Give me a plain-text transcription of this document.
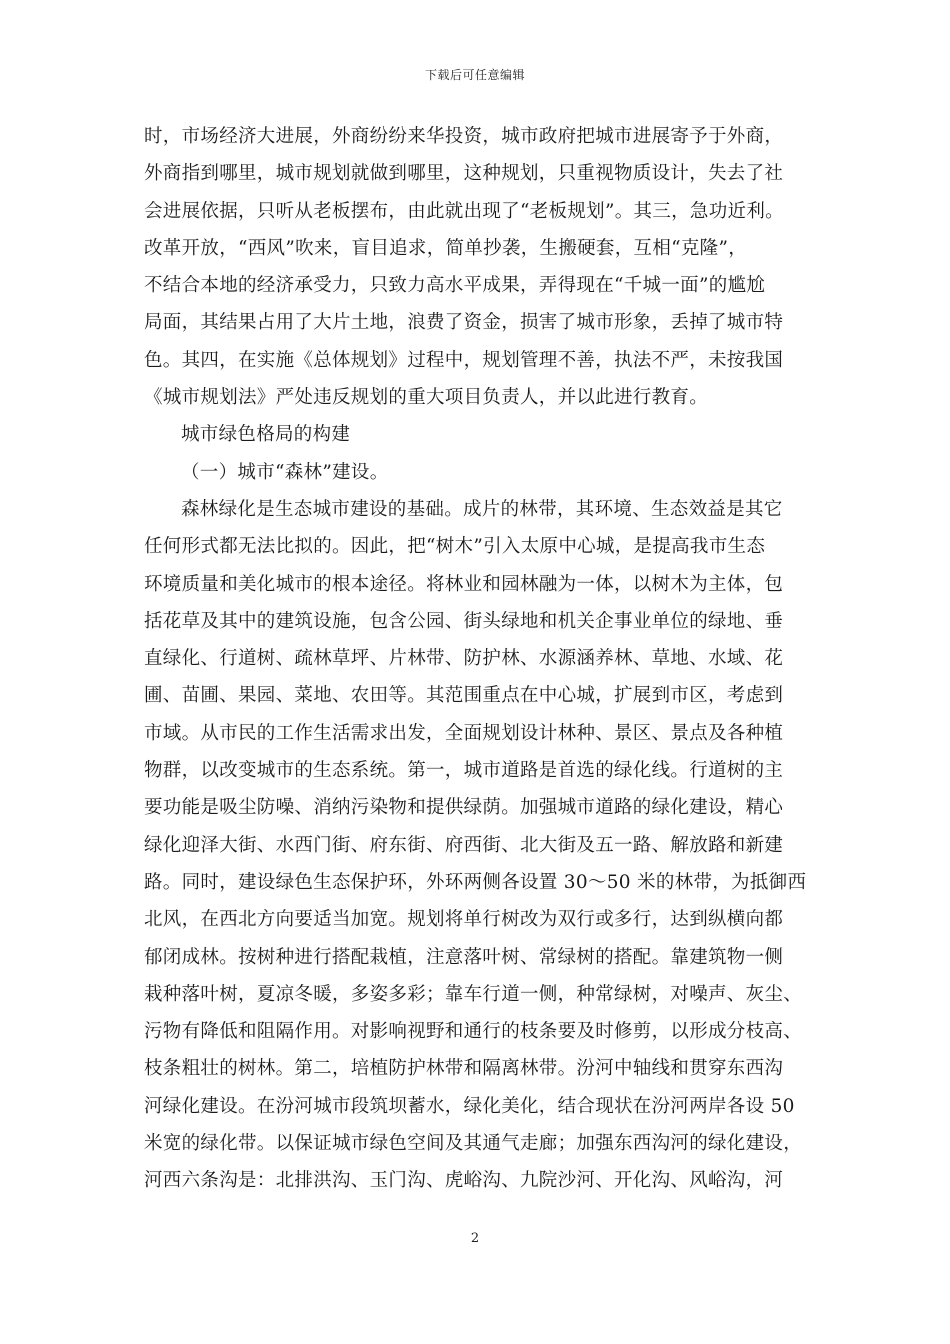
下载后可任意编辑
时，市场经济大进展，外商纷纷来华投资，城市政府把城市进展寄予于外商，
外商指到哪里，城市规划就做到哪里，这种规划，只重视物质设计，失去了社
会进展依据，只听从老板摆布，由此就出现了“老板规划”。其三，急功近利。
改革开放，“西风”吹来，盲目追求，简单抄袭，生搬硬套，互相“克隆”，
不结合本地的经济承受力，只致力高水平成果，弄得现在“千城一面”的尴尬
局面，其结果占用了大片土地，浪费了资金，损害了城市形象，丢掉了城市特
色。其四，在实施《总体规划》过程中，规划管理不善，执法不严，未按我国
《城市规划法》严处违反规划的重大项目负责人，并以此进行教育。
城市绿色格局的构建
（一）城市“森林”建设。
森林绿化是生态城市建设的基础。成片的林带，其环境、生态效益是其它
任何形式都无法比拟的。因此，把“树木”引入太原中心城，是提高我市生态
环境质量和美化城市的根本途径。将林业和园林融为一体，以树木为主体，包
括花草及其中的建筑设施，包含公园、街头绿地和机关企事业单位的绿地、垂
直绿化、行道树、疏林草坪、片林带、防护林、水源涵养林、草地、水域、花
圃、苗圃、果园、菜地、农田等。其范围重点在中心城，扩展到市区，考虑到
市域。从市民的工作生活需求出发，全面规划设计林种、景区、景点及各种植
物群，以改变城市的生态系统。第一，城市道路是首选的绿化线。行道树的主
要功能是吸尘防噪、消纳污染物和提供绿荫。加强城市道路的绿化建设，精心
绿化迎泽大街、水西门街、府东街、府西街、北大街及五一路、解放路和新建
路。同时，建设绿色生态保护环，外环两侧各设置 30～50 米的林带，为抵御西
北风，在西北方向要适当加宽。规划将单行树改为双行或多行，达到纵横向都
郁闭成林。按树种进行搭配栽植，注意落叶树、常绿树的搭配。靠建筑物一侧
栽种落叶树，夏凉冬暖，多姿多彩；靠车行道一侧，种常绿树，对噪声、灰尘、
污物有降低和阻隔作用。对影响视野和通行的枝条要及时修剪，以形成分枝高、
枝条粗壮的树林。第二，培植防护林带和隔离林带。汾河中轴线和贯穿东西沟
河绿化建设。在汾河城市段筑坝蓄水，绿化美化，结合现状在汾河两岸各设 50
米宽的绿化带。以保证城市绿色空间及其通气走廊；加强东西沟河的绿化建设，
河西六条沟是：北排洪沟、玉门沟、虎峪沟、九院沙河、开化沟、风峪沟，河
2
